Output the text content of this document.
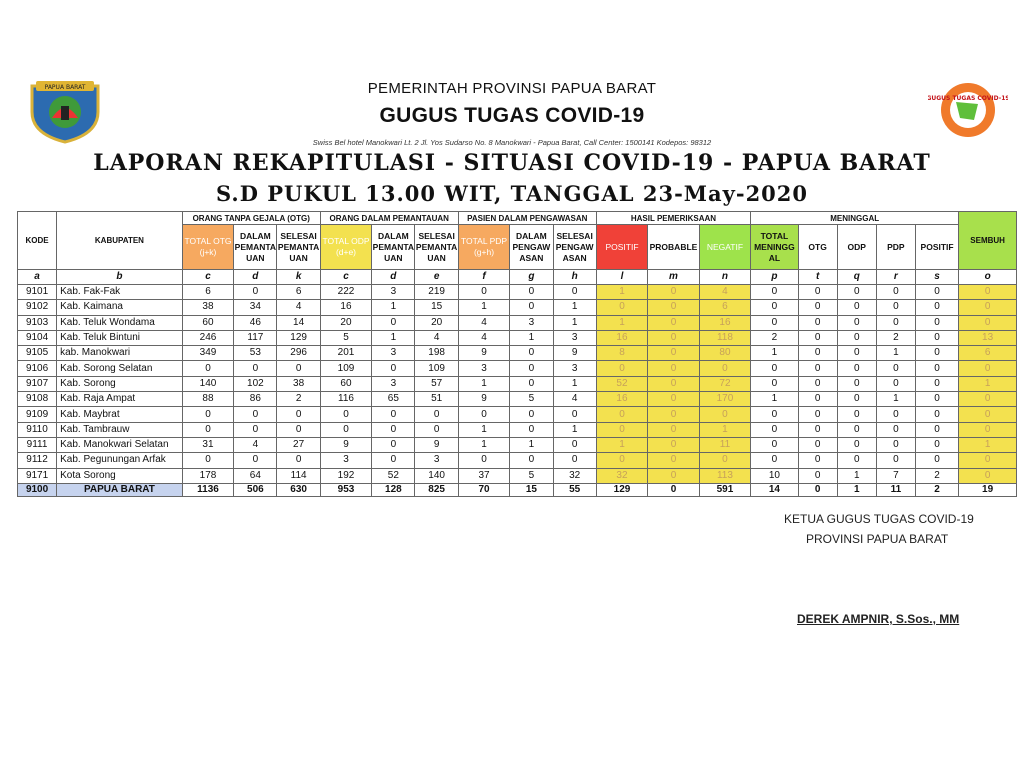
PAPUA BARAT
GUGUS TUGAS COVID-19
PEMERINTAH PROVINSI PAPUA BARAT
GUGUS TUGAS COVID-19
Swiss Bel hotel Manokwari Lt. 2 Jl. Yos Sudarso No. 8 Manokwari - Papua Barat, Call Center: 1500141 Kodepos: 98312
LAPORAN REKAPITULASI - SITUASI COVID-19 - PAPUA BARAT
S.D PUKUL 13.00 WIT, TANGGAL 23-May-2020
KODE	KABUPATEN	ORANG TANPA GEJALA (OTG)			ORANG DALAM PEMANTAUAN			PASIEN DALAM PENGAWASAN			HASIL PEMERIKSAAN			MENINGGAL					SEMBUH
		TOTAL OTG (j+k)	DALAM PEMANTA UAN	SELESAI PEMANTA UAN	TOTAL ODP (d+e)	DALAM PEMANTA UAN	SELESAI PEMANTA UAN	TOTAL PDP (g+h)	DALAM PENGAW ASAN	SELESAI PENGAW ASAN	POSITIF	PROBABLE	NEGATIF	TOTAL MENINGG AL	OTG	ODP	PDP	POSITIF	
a	b	c	d	k	c	d	e	f	g	h	l	m	n	p	t	q	r	s	o
9101	Kab. Fak-Fak	6	0	6	222	3	219	0	0	0	1	0	4	0	0	0	0	0	0
9102	Kab. Kaimana	38	34	4	16	1	15	1	0	1	0	0	6	0	0	0	0	0	0
9103	Kab. Teluk Wondama	60	46	14	20	0	20	4	3	1	1	0	16	0	0	0	0	0	0
9104	Kab. Teluk Bintuni	246	117	129	5	1	4	4	1	3	16	0	118	2	0	0	2	0	13
9105	kab. Manokwari	349	53	296	201	3	198	9	0	9	8	0	80	1	0	0	1	0	6
9106	Kab. Sorong Selatan	0	0	0	109	0	109	3	0	3	0	0	0	0	0	0	0	0	0
9107	Kab. Sorong	140	102	38	60	3	57	1	0	1	52	0	72	0	0	0	0	0	1
9108	Kab. Raja Ampat	88	86	2	116	65	51	9	5	4	16	0	170	1	0	0	1	0	0
9109	Kab. Maybrat	0	0	0	0	0	0	0	0	0	0	0	0	0	0	0	0	0	0
9110	Kab. Tambrauw	0	0	0	0	0	0	1	0	1	0	0	1	0	0	0	0	0	0
9111	Kab. Manokwari Selatan	31	4	27	9	0	9	1	1	0	1	0	11	0	0	0	0	0	1
9112	Kab. Pegunungan Arfak	0	0	0	3	0	3	0	0	0	0	0	0	0	0	0	0	0	0
9171	Kota Sorong	178	64	114	192	52	140	37	5	32	32	0	113	10	0	1	7	2	0
9100	PAPUA BARAT	1136	506	630	953	128	825	70	15	55	129	0	591	14	0	1	11	2	19
KETUA GUGUS TUGAS COVID-19
PROVINSI PAPUA BARAT
DEREK AMPNIR, S.Sos., MM
